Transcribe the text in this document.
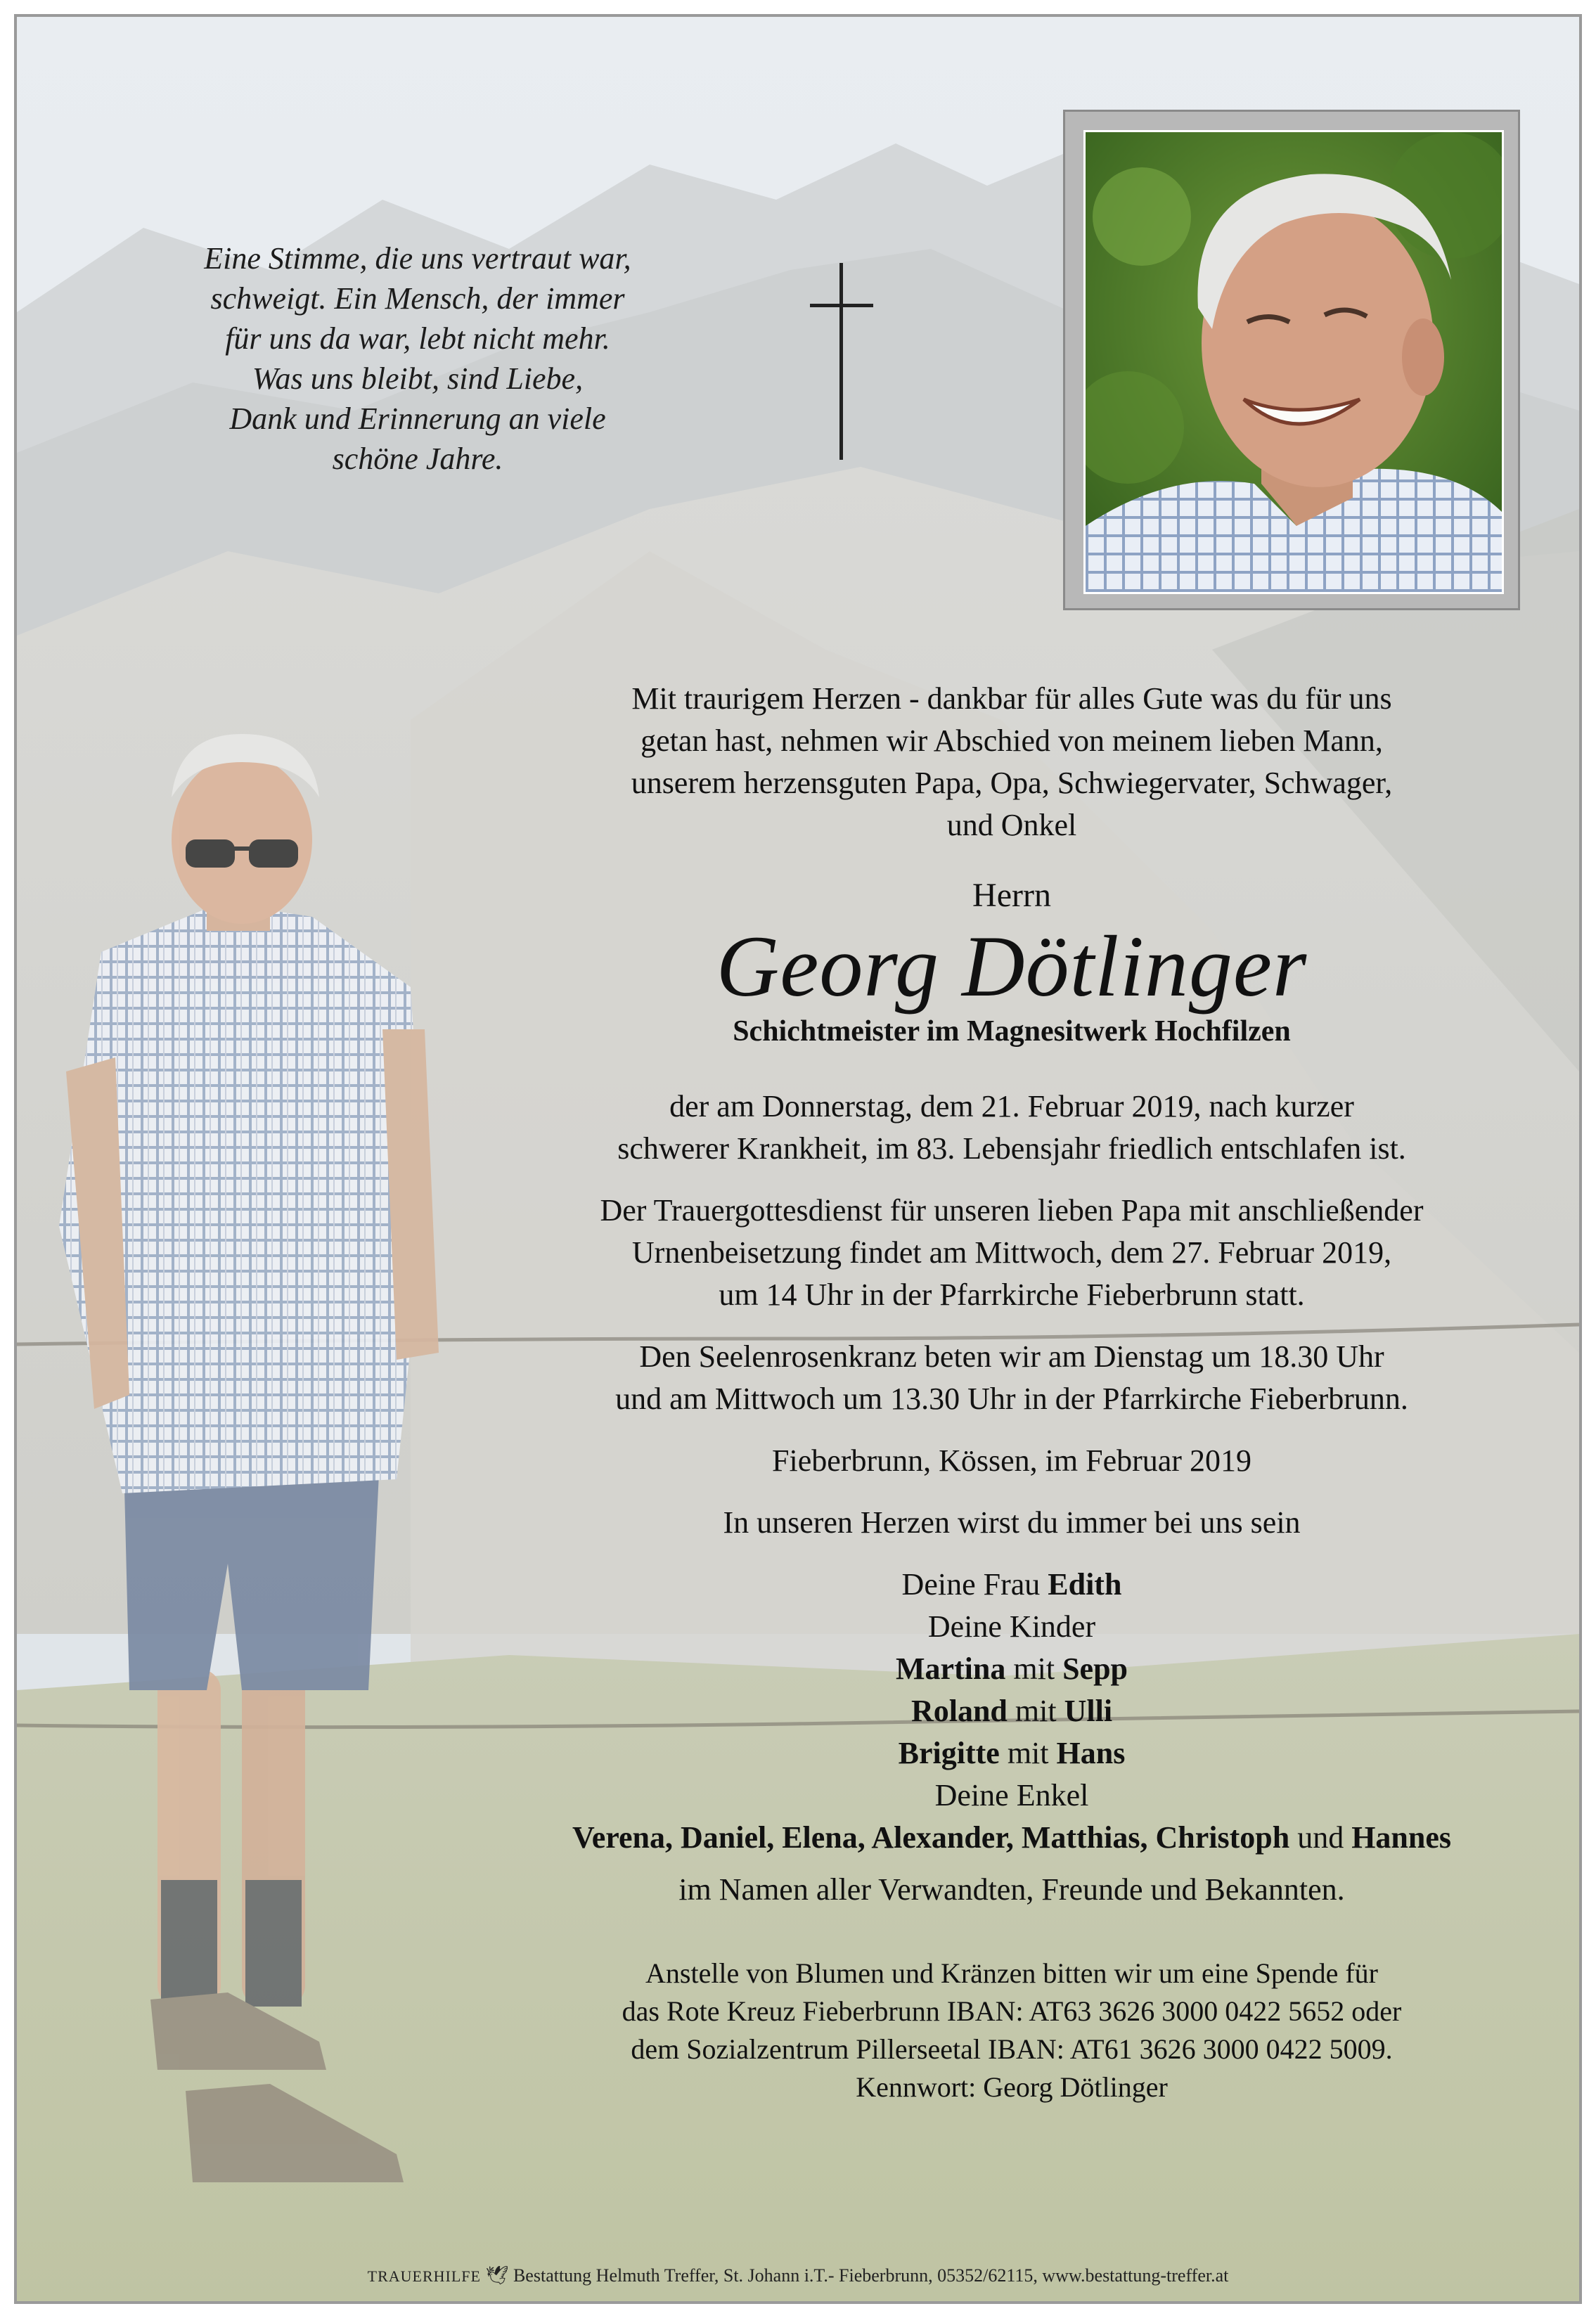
Eine Stimme, die uns vertraut war,
schweigt. Ein Mensch, der immer
für uns da war, lebt nicht mehr.
Was uns bleibt, sind Liebe,
Dank und Erinnerung an viele
schöne Jahre.
Mit traurigem Herzen - dankbar für alles Gute was du für uns
getan hast, nehmen wir Abschied von meinem lieben Mann,
unserem herzensguten Papa, Opa, Schwiegervater, Schwager,
und Onkel
Herrn
Georg Dötlinger
Schichtmeister im Magnesitwerk Hochfilzen
der am Donnerstag, dem 21. Februar 2019, nach kurzer
schwerer Krankheit, im 83. Lebensjahr friedlich entschlafen ist.
Der Trauergottesdienst für unseren lieben Papa mit anschließender
Urnenbeisetzung findet am Mittwoch, dem 27. Februar 2019,
um 14 Uhr in der Pfarrkirche Fieberbrunn statt.
Den Seelenrosenkranz beten wir am Dienstag um 18.30 Uhr
und am Mittwoch um 13.30 Uhr in der Pfarrkirche Fieberbrunn.
Fieberbrunn, Kössen, im Februar 2019
In unseren Herzen wirst du immer bei uns sein
Deine Frau Edith
Deine Kinder
Martina mit Sepp
Roland mit Ulli
Brigitte mit Hans
Deine Enkel
Verena, Daniel, Elena, Alexander, Matthias, Christoph und Hannes
im Namen aller Verwandten, Freunde und Bekannten.
Anstelle von Blumen und Kränzen bitten wir um eine Spende für
das Rote Kreuz Fieberbrunn IBAN: AT63 3626 3000 0422 5652 oder
dem Sozialzentrum Pillerseetal IBAN: AT61 3626 3000 0422 5009.
Kennwort: Georg Dötlinger
TRAUERHILFE 🕊 Bestattung Helmuth Treffer, St. Johann i.T.- Fieberbrunn, 05352/62115, www.bestattung-treffer.at
